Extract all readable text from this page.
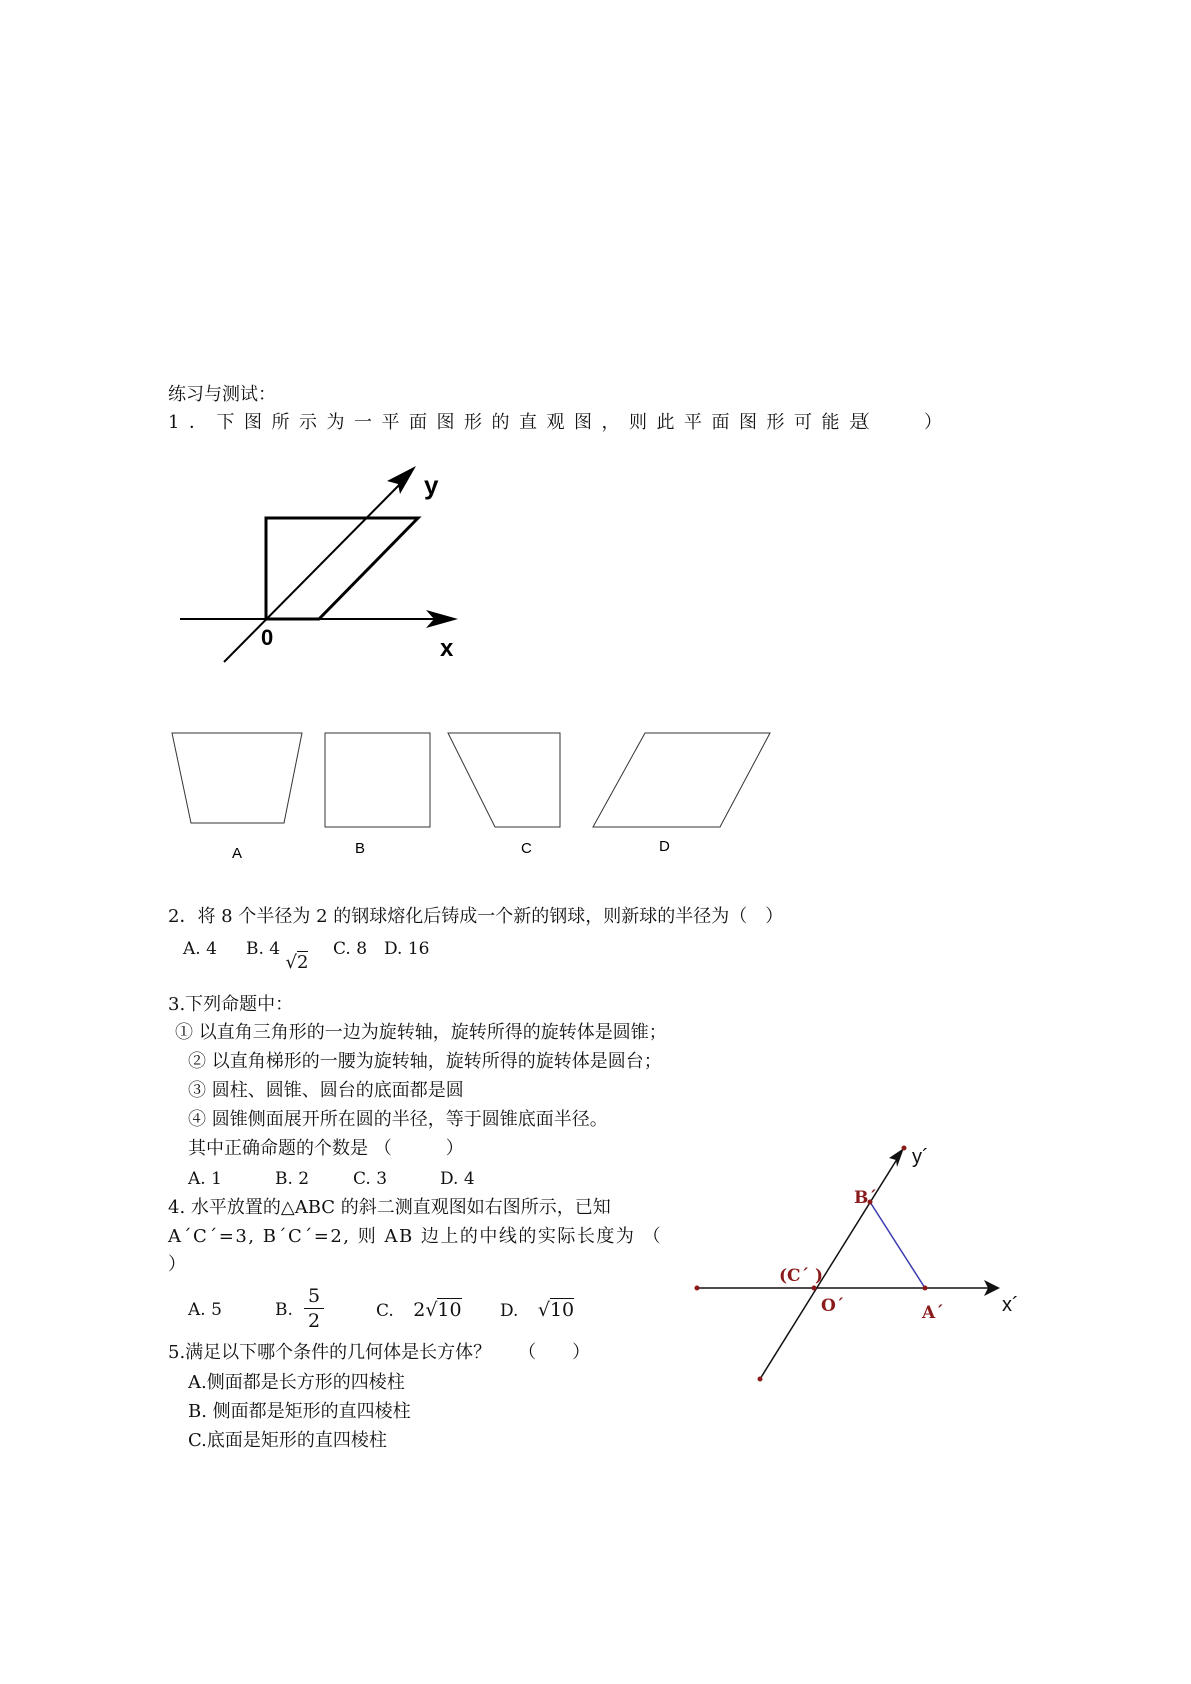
练习与测试：
1．下图所示为一平面图形的直观图，则此平面图形可能是
（　　　）
y
x
0
A	B	C	D
y´
x´
B´
(C´ )
O´	A´
2．将 8 个半径为 2 的钢球熔化后铸成一个新的钢球，则新球的半径为（　）
A. 4 B. 4 √2
C. 8 D. 16
3.下列命题中：
① 以直角三角形的一边为旋转轴，旋转所得的旋转体是圆锥；
② 以直角梯形的一腰为旋转轴，旋转所得的旋转体是圆台；
③ 圆柱、圆锥、圆台的底面都是圆
④ 圆锥侧面展开所在圆的半径，等于圆锥底面半径。
其中正确命题的个数是 （　　　）
A. 1	B. 2	C. 3	D. 4
4. 水平放置的△ABC 的斜二测直观图如右图所示，已知
A´C´=3, B´C´=2, 则 AB 边上的中线的实际长度为 （
）
A. 5	B. $\frac{5}{2}$	C. 2√10 D. √10
5.满足以下哪个条件的几何体是长方体？　　（　　）
A.侧面都是长方形的四棱柱
B. 侧面都是矩形的直四棱柱
C.底面是矩形的直四棱柱
